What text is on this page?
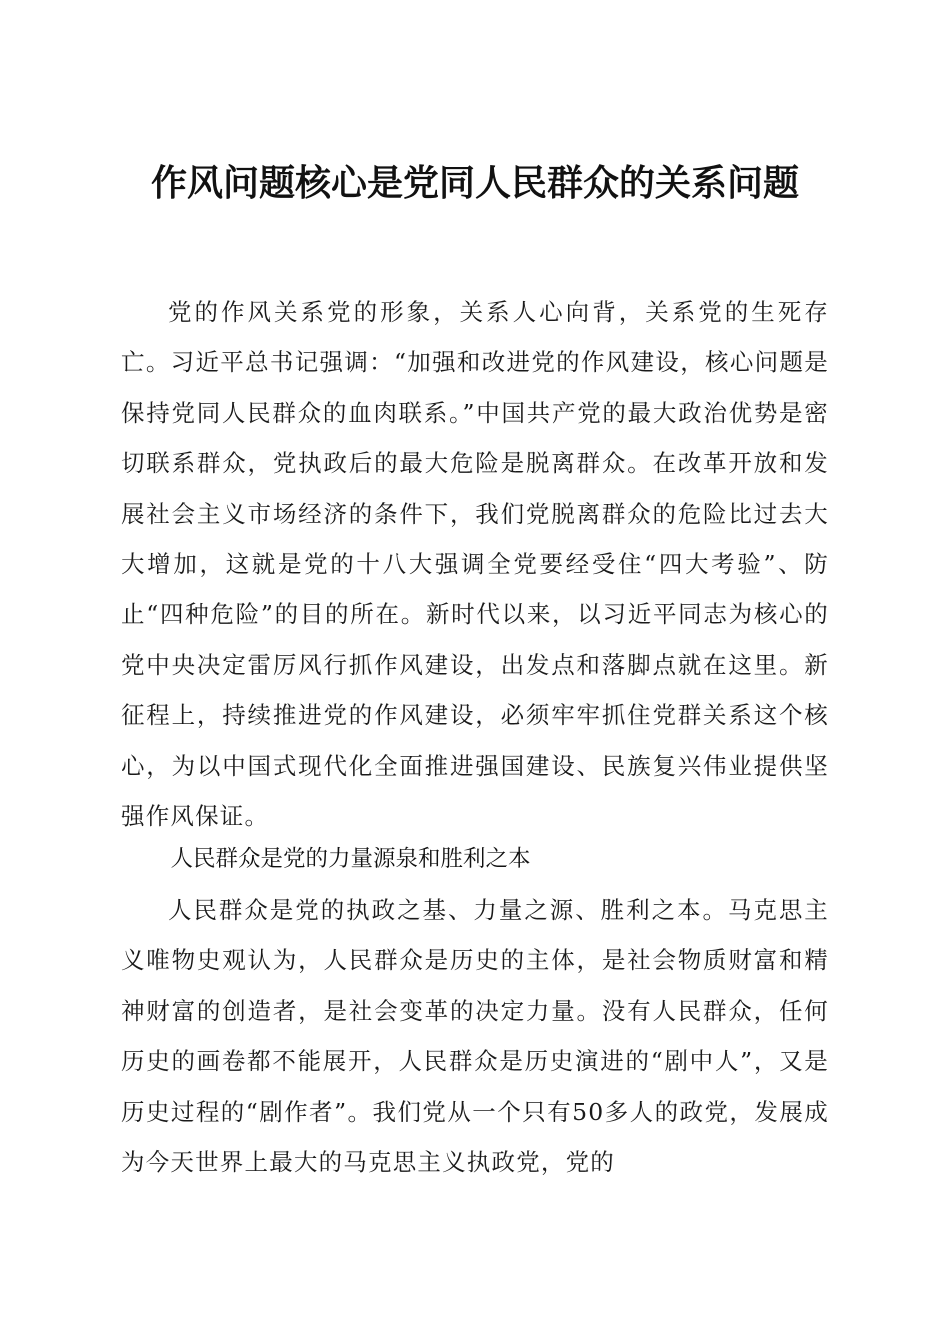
作风问题核心是党同人民群众的关系问题

党的作风关系党的形象，关系人心向背，关系党的生死存亡。习近平总书记强调：“加强和改进党的作风建设，核心问题是保持党同人民群众的血肉联系。”中国共产党的最大政治优势是密切联系群众，党执政后的最大危险是脱离群众。在改革开放和发展社会主义市场经济的条件下，我们党脱离群众的危险比过去大大增加，这就是党的十八大强调全党要经受住“四大考验”、防止“四种危险”的目的所在。新时代以来，以习近平同志为核心的党中央决定雷厉风行抓作风建设，出发点和落脚点就在这里。新征程上，持续推进党的作风建设，必须牢牢抓住党群关系这个核心，为以中国式现代化全面推进强国建设、民族复兴伟业提供坚强作风保证。

人民群众是党的力量源泉和胜利之本

人民群众是党的执政之基、力量之源、胜利之本。马克思主义唯物史观认为，人民群众是历史的主体，是社会物质财富和精神财富的创造者，是社会变革的决定力量。没有人民群众，任何历史的画卷都不能展开，人民群众是历史演进的“剧中人”，又是历史过程的“剧作者”。我们党从一个只有50多人的政党，发展成为今天世界上最大的马克思主义执政党，党的
